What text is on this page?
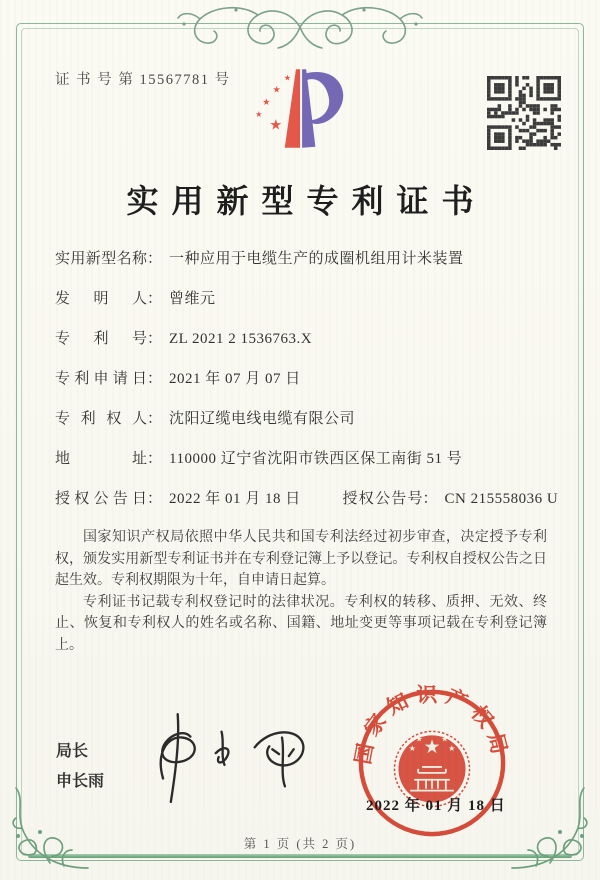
证 书 号 第 15567781 号	★
★
★
★
★
实用新型专利证书
实用新型名称： 一种应用于电缆生产的成圈机组用计米装置
发明人： 曾维元
专利号： ZL 2021 2 1536763.X
专利申请日： 2021 年 07 月 07 日
专利权人： 沈阳辽缆电线电缆有限公司
地址： 110000 辽宁省沈阳市铁西区保工南街 51 号
授权公告日： 2022 年 01 月 18 日	授权公告号： CN 215558036 U

国家知识产权局依照中华人民共和国专利法经过初步审查，决定授予专利权，颁发实用新型专利证书并在专利登记簿上予以登记。专利权自授权公告之日起生效。专利权期限为十年，自申请日起算。

专利证书记载专利权登记时的法律状况。专利权的转移、质押、无效、终止、恢复和专利权人的姓名或名称、国籍、地址变更等事项记载在专利登记簿上。

局长
申长雨
国家知识产权局
★
★
★ ★
★
2022 年 01 月 18 日
第 1 页 (共 2 页)
